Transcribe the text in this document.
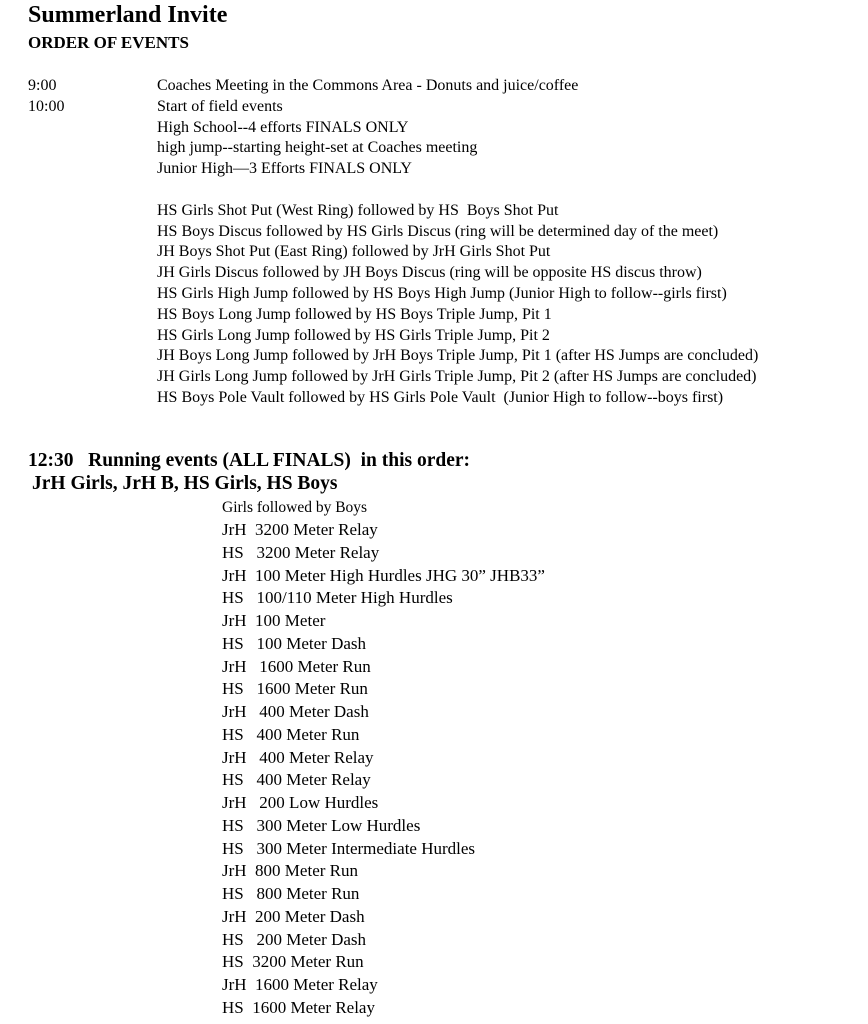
Summerland Invite
ORDER OF EVENTS
9:00	Coaches Meeting in the Commons Area - Donuts and juice/coffee
10:00	Start of field events
High School--4 efforts FINALS ONLY
high jump--starting height-set at Coaches meeting
Junior High—3 Efforts FINALS ONLY
HS Girls Shot Put (West Ring) followed by HS  Boys Shot Put
HS Boys Discus followed by HS Girls Discus (ring will be determined day of the meet)
JH Boys Shot Put (East Ring) followed by JrH Girls Shot Put
JH Girls Discus followed by JH Boys Discus (ring will be opposite HS discus throw)
HS Girls High Jump followed by HS Boys High Jump (Junior High to follow--girls first)
HS Boys Long Jump followed by HS Boys Triple Jump, Pit 1
HS Girls Long Jump followed by HS Girls Triple Jump, Pit 2
JH Boys Long Jump followed by JrH Boys Triple Jump, Pit 1 (after HS Jumps are concluded)
JH Girls Long Jump followed by JrH Girls Triple Jump, Pit 2 (after HS Jumps are concluded)
HS Boys Pole Vault followed by HS Girls Pole Vault  (Junior High to follow--boys first)
12:30   Running events (ALL FINALS)  in this order:
JrH Girls, JrH B, HS Girls, HS Boys
Girls followed by Boys
JrH  3200 Meter Relay
HS   3200 Meter Relay
JrH  100 Meter High Hurdles JHG 30” JHB33”
HS   100/110 Meter High Hurdles
JrH  100 Meter
HS   100 Meter Dash
JrH   1600 Meter Run
HS   1600 Meter Run
JrH   400 Meter Dash
HS   400 Meter Run
JrH   400 Meter Relay
HS   400 Meter Relay
JrH   200 Low Hurdles
HS   300 Meter Low Hurdles
HS   300 Meter Intermediate Hurdles
JrH  800 Meter Run
HS   800 Meter Run
JrH  200 Meter Dash
HS   200 Meter Dash
HS  3200 Meter Run
JrH  1600 Meter Relay
HS  1600 Meter Relay
